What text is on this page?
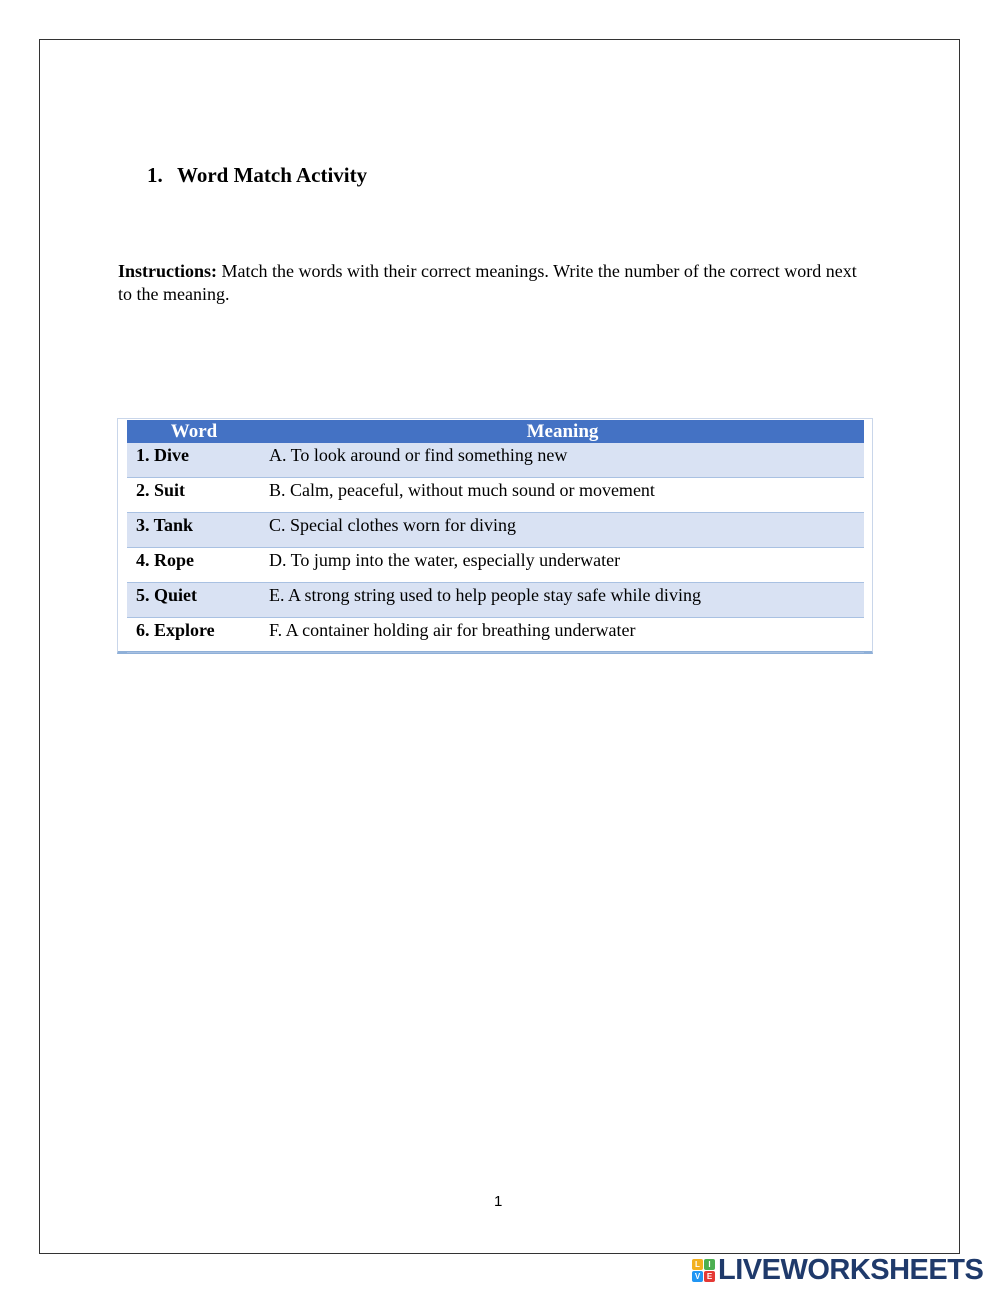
1. Word Match Activity
Instructions: Match the words with their correct meanings. Write the number of the correct word next to the meaning.
Word	Meaning
1. Dive	A. To look around or find something new
2. Suit	B. Calm, peaceful, without much sound or movement
3. Tank	C. Special clothes worn for diving
4. Rope	D. To jump into the water, especially underwater
5. Quiet	E. A strong string used to help people stay safe while diving
6. Explore	F. A container holding air for breathing underwater
1
L	I
V E LIVEWORKSHEETS
